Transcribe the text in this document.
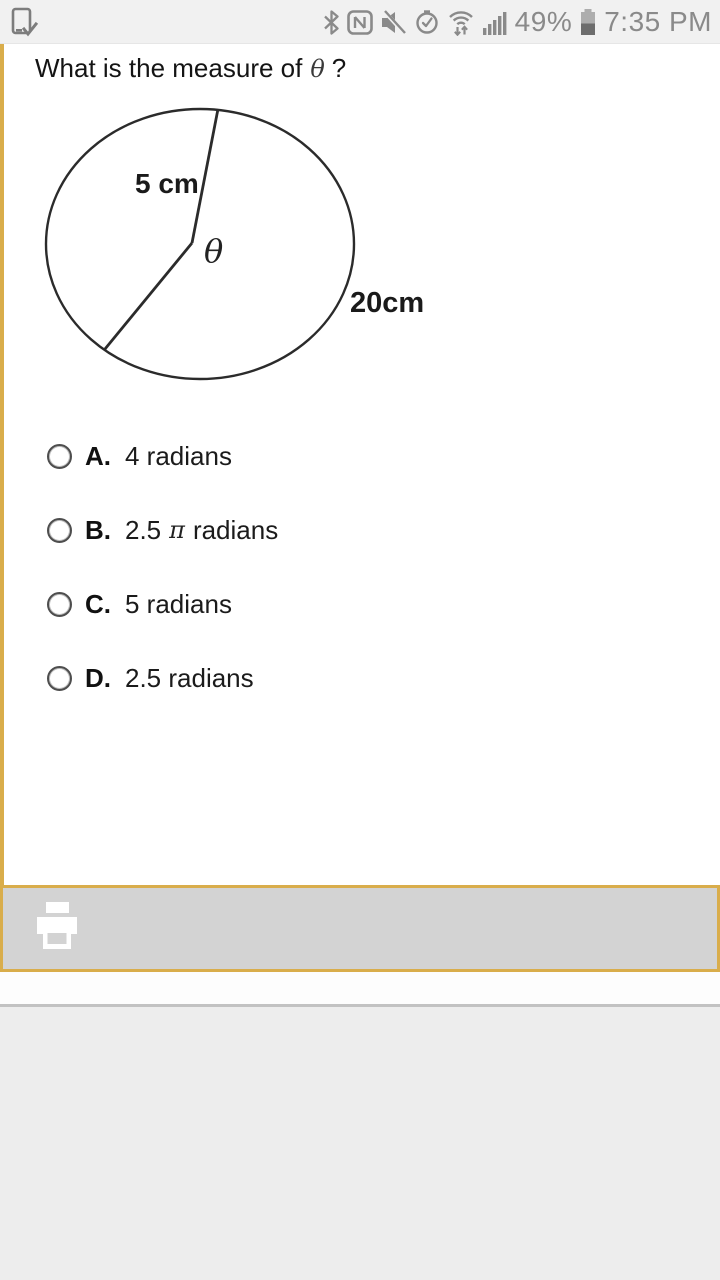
49% 7:35 PM
What is the measure of θ ?
5 cm
θ
20cm
A. 4 radians
B. 2.5 π radians
C. 5 radians
D. 2.5 radians
